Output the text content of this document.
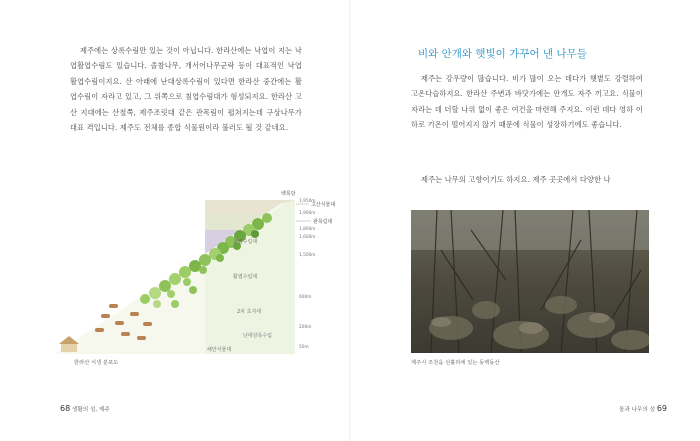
제주에는 상록수림만 있는 것이 아닙니다. 한라산에는 낙엽이 지는 낙엽활엽수림도 있습니다. 졸참나무, 개서어나무군락 등이 대표적인 낙엽활엽수림이지요. 산 아래에 난대상록수림이 있다면 한라산 중간에는 활엽수림이 자라고 있고, 그 위쪽으로 침엽수림대가 형성되지요. 한라산 고산 지대에는 산철쭉, 제주조릿대 같은 관목림이 펼쳐지는데 구상나무가 대표 격입니다. 제주도 전체를 종합 식물원이라 불러도 될 것 같네요.

침엽수림대
활엽수림대
2차 초지대
난대상록수림
해안식물대
백록담
고산식물대
관목림대
1,950m
1,900m
1,800m
1,600m
1,500m
600m
200m
50m
한라산 식생 분포도
68 생활의 섬, 제주
비와 안개와 햇빛이 가꾸어 낸 나무들

제주는 강우량이 많습니다. 비가 많이 오는 데다가 햇볕도 강렬하여 고온다습하지요. 한라산 주변과 바닷가에는 안개도 자주 끼고요. 식물이 자라는 데 더할 나위 없이 좋은 여건을 마련해 주지요. 이런 데다 영하 이하로 기온이 떨어지지 않기 때문에 식물이 성장하기에도 좋습니다.

제주는 나무의 고향이기도 하지요. 제주 곳곳에서 다양한 나

제주시 조천읍 선흘리에 있는 동백동산
돌과 나무의 섬 69
